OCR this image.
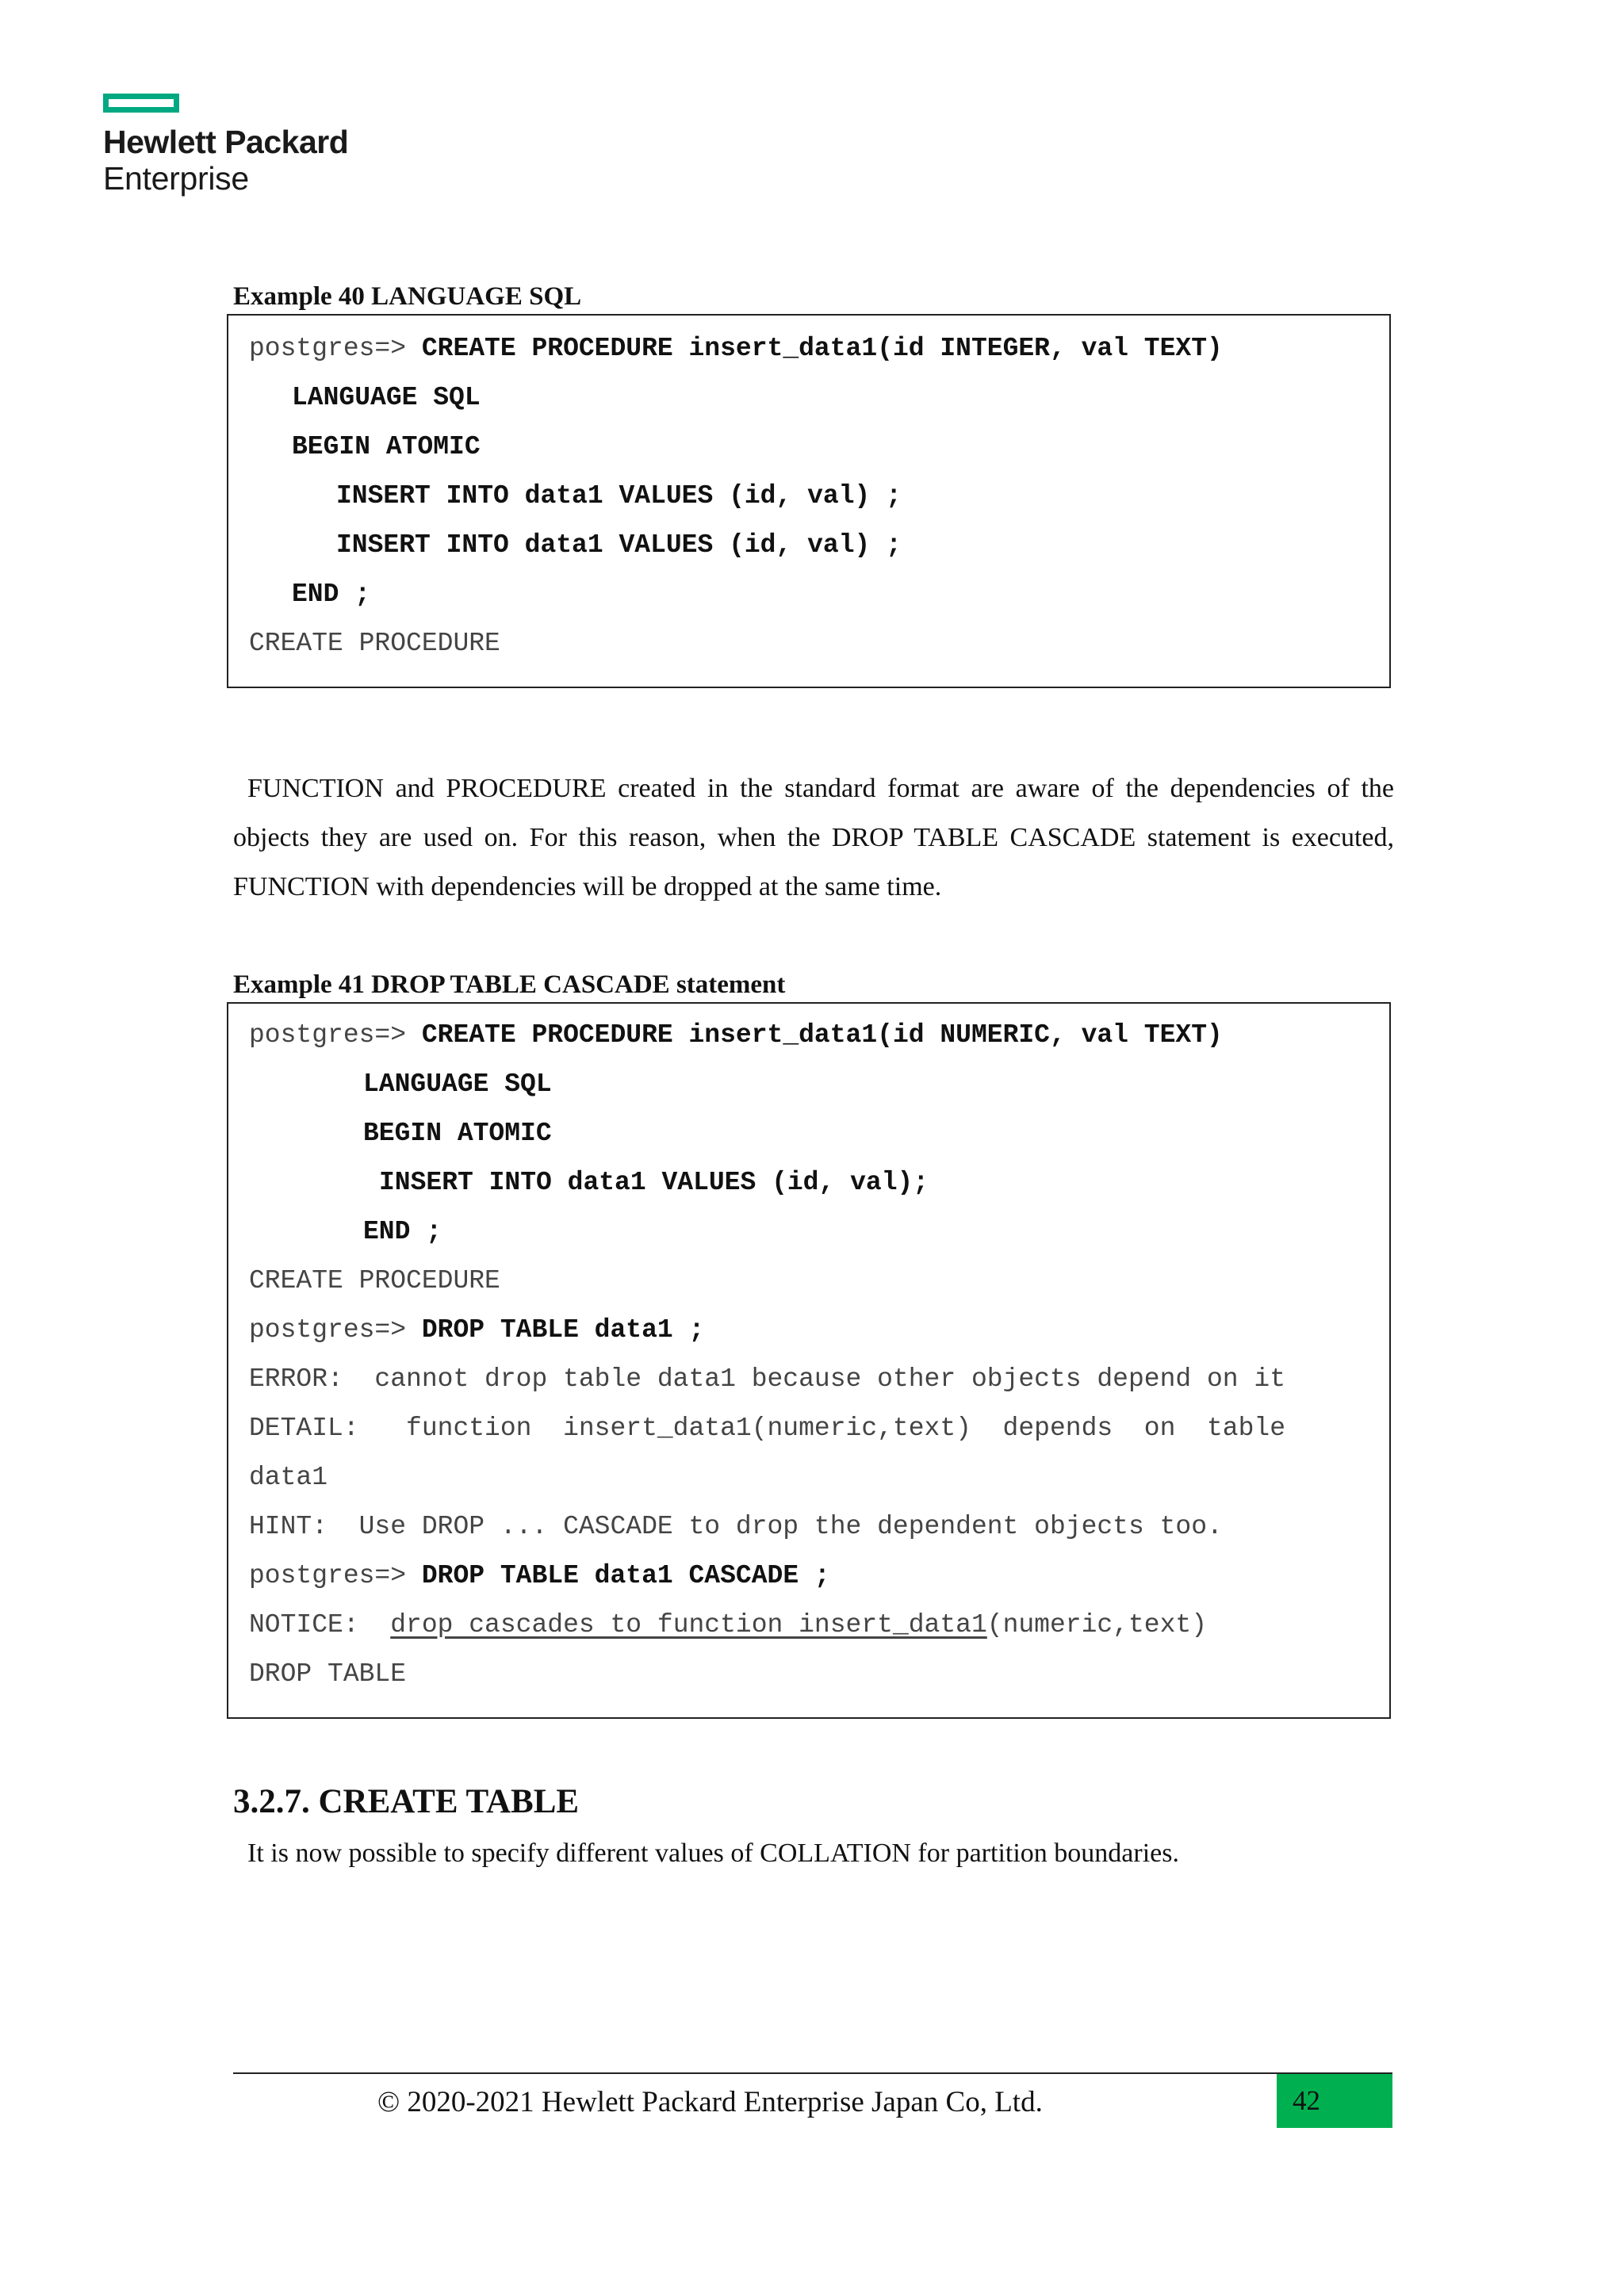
Hewlett Packard
Enterprise
Example 40 LANGUAGE SQL
postgres=> CREATE PROCEDURE insert_data1(id INTEGER, val TEXT)
LANGUAGE SQL
BEGIN ATOMIC
INSERT INTO data1 VALUES (id, val) ;
INSERT INTO data1 VALUES (id, val) ;
END ;
CREATE PROCEDURE
FUNCTION and PROCEDURE created in the standard format are aware of the dependencies of the objects they are used on. For this reason, when the DROP TABLE CASCADE statement is executed, FUNCTION with dependencies will be dropped at the same time.
Example 41 DROP TABLE CASCADE statement
postgres=> CREATE PROCEDURE insert_data1(id NUMERIC, val TEXT)
LANGUAGE SQL
BEGIN ATOMIC
INSERT INTO data1 VALUES (id, val);
END ;
CREATE PROCEDURE
postgres=> DROP TABLE data1 ;
ERROR:  cannot drop table data1 because other objects depend on it
DETAIL:   function  insert_data1(numeric,text)  depends  on  table
data1
HINT:  Use DROP ... CASCADE to drop the dependent objects too.
postgres=> DROP TABLE data1 CASCADE ;
NOTICE:  drop cascades to function insert_data1(numeric,text)
DROP TABLE
3.2.7. CREATE TABLE
It is now possible to specify different values of COLLATION for partition boundaries.
© 2020-2021 Hewlett Packard Enterprise Japan Co, Ltd.	42
